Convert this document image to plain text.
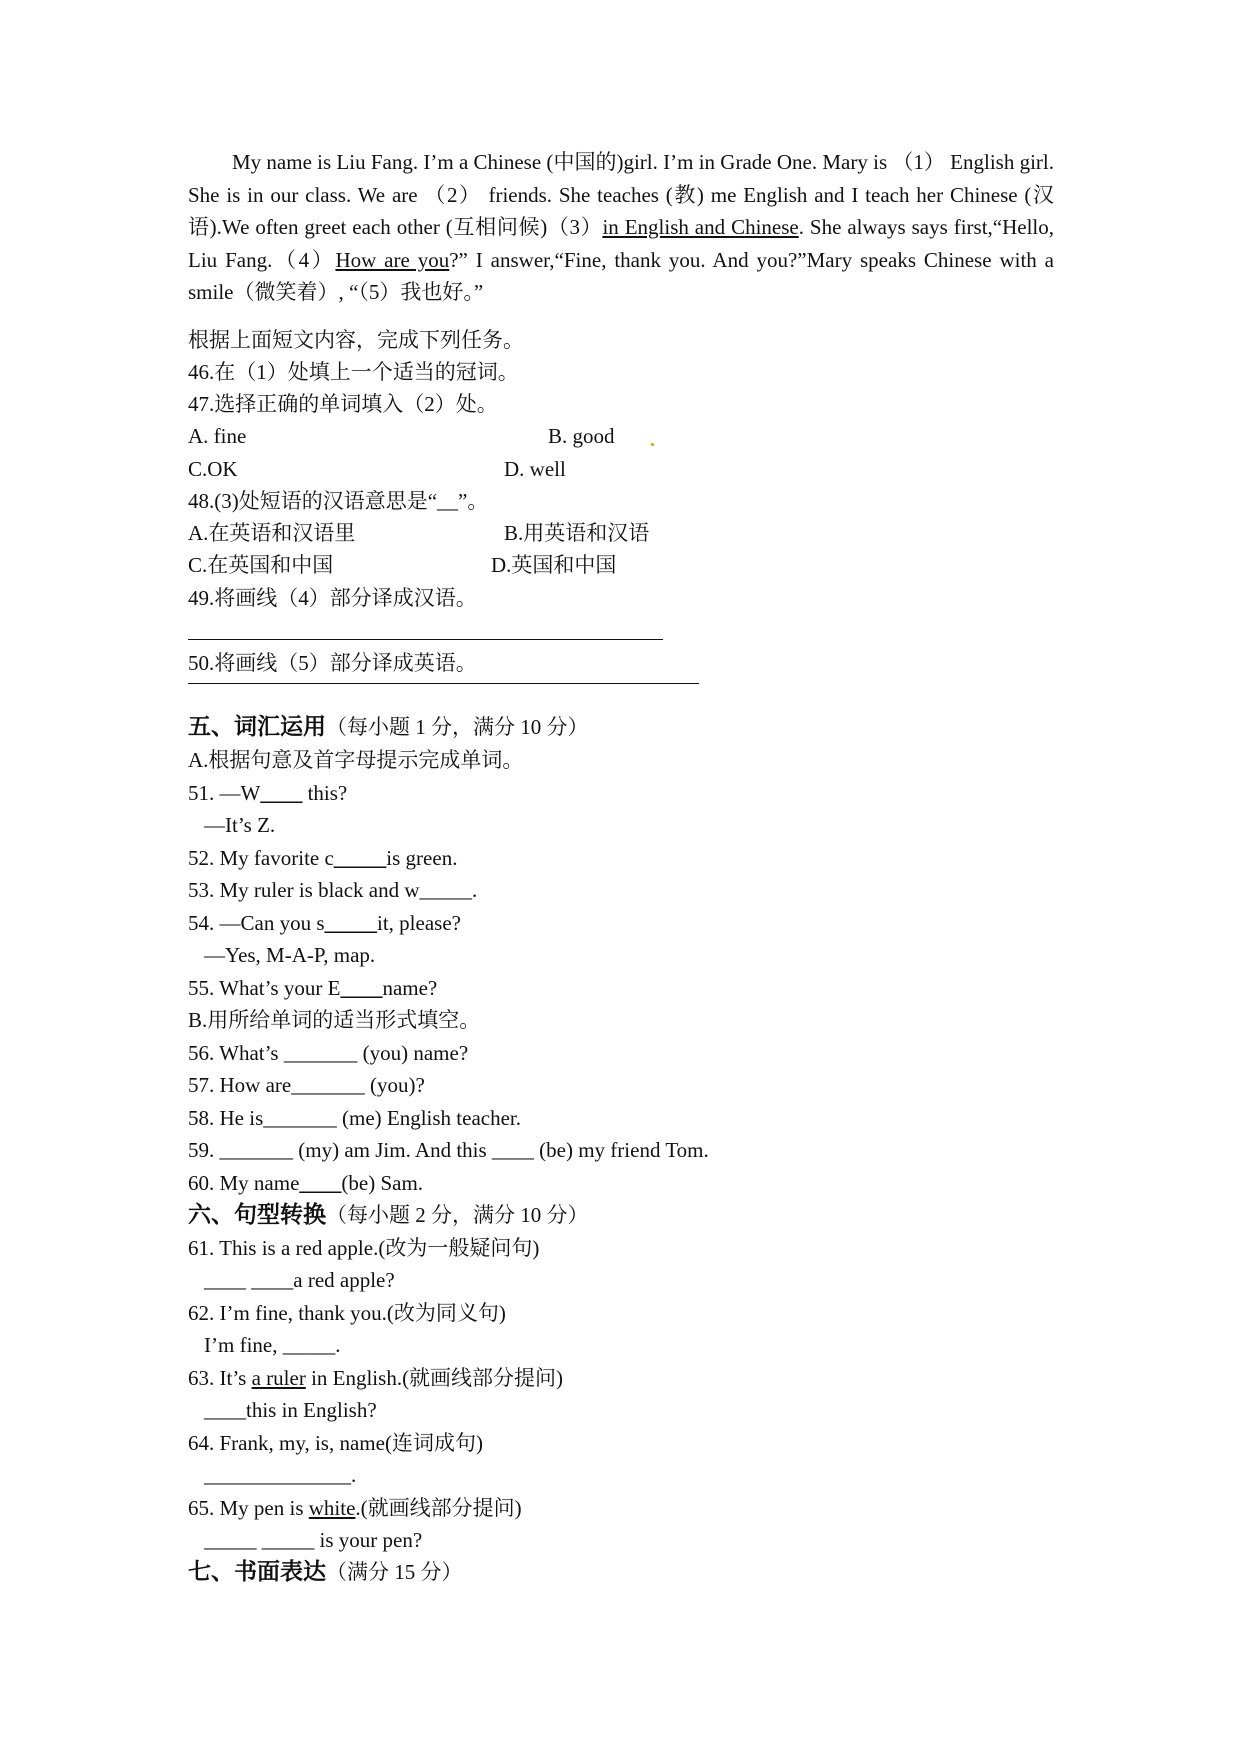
My name is Liu Fang. I’m a Chinese (中国的)girl. I’m in Grade One. Mary is （1） English girl. She is in our class. We are （2） friends. She teaches (教) me English and I teach her Chinese (汉语).We often greet each other (互相问候)（3）in English and Chinese. She always says first,“Hello, Liu Fang.（4）How are you?” I answer,“Fine, thank you. And you?”Mary speaks Chinese with a smile（微笑着）, “（5）我也好。”
根据上面短文内容，完成下列任务。
46.在（1）处填上一个适当的冠词。
47.选择正确的单词填入（2）处。
A. fine	B. good
C.OK	D. well
48.(3)处短语的汉语意思是“__”。
A.在英语和汉语里	B.用英语和汉语
C.在英国和中国	D.英国和中国
49.将画线（4）部分译成汉语。
50.将画线（5）部分译成英语。
五、词汇运用（每小题 1 分，满分 10 分）
A.根据句意及首字母提示完成单词。
51. —W____ this?
—It’s Z.
52. My favorite c_____is green.
53. My ruler is black and w_____.
54. —Can you s_____it, please?
—Yes, M-A-P, map.
55. What’s your E____name?
B.用所给单词的适当形式填空。
56. What’s _______ (you) name?
57. How are_______ (you)?
58. He is_______ (me) English teacher.
59. _______ (my) am Jim. And this ____ (be) my friend Tom.
60. My name____(be) Sam.
六、句型转换（每小题 2 分，满分 10 分）
61. This is a red apple.(改为一般疑问句)
____ ____a red apple?
62. I’m fine, thank you.(改为同义句)
I’m fine, _____.
63. It’s a ruler in English.(就画线部分提问)
____this in English?
64. Frank, my, is, name(连词成句)
______________.
65. My pen is white.(就画线部分提问)
_____ _____ is your pen?
七、书面表达（满分 15 分）
